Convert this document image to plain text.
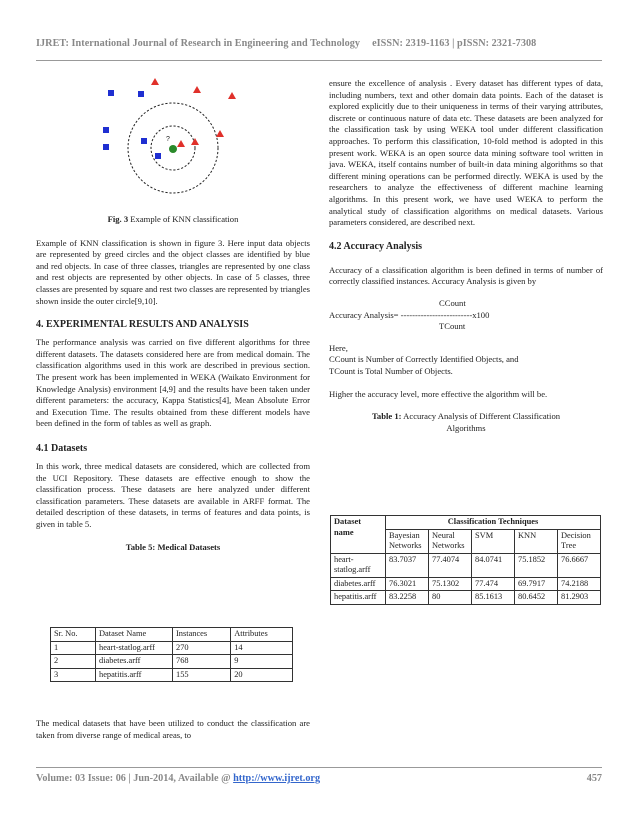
IJRET: International Journal of Research in Engineering and Technology eISSN: 2319-1163 | pISSN: 2321-7308
?
Fig. 3 Example of KNN classification

Example of KNN classification is shown in figure 3. Here input data objects are represented by greed circles and the object classes are identified by blue and red objects. In case of three classes, triangles are represented by one class and rest objects are represented by other objects. In case of 5 classes, three classes are presented by square and rest two classes are represented by triangles shown inside the outer circle[9,10].

4. EXPERIMENTAL RESULTS AND ANALYSIS

The performance analysis was carried on five different algorithms for three different datasets. The datasets considered here are from medical domain. The classification algorithms used in this work are described in previous section. The present work has been implemented in WEKA (Waikato Environment for Knowledge Analysis) environment [4,9] and the results have been taken under different parameters: the accuracy, Kappa Statistics[4], Mean Absolute Error and Execution Time. The results obtained from these different models have been defined in the form of tables as well as graph.

4.1 Datasets

In this work, three medical datasets are considered, which are collected from the UCI Repository. These datasets are effective enough to show the classification process. These datasets are here analyzed under different classification parameters. These datasets are available in ARFF format. The detailed description of these datasets, in terms of features and data points, is given in table 5.

Table 5: Medical Datasets

The medical datasets that have been utilized to conduct the classification are taken from diverse range of medical areas, to

Sr. No.	Dataset Name	Instances	Attributes
1	heart-statlog.arff	270	14
2	diabetes.arff	768	9
3	hepatitis.arff	155	20

ensure the excellence of analysis . Every dataset has different types of data, including numbers, text and other domain data points. Each of the dataset is explored explicitly due to their uniqueness in terms of their varying attributes, discrete or continuous nature of data etc. These datasets are been analyzed for the classification task by using WEKA tool under different classification approaches. To perform this classification, 10-fold method is adopted in this present work. WEKA is an open source data mining software tool written in java. WEKA, itself contains number of built-in data mining algorithms so that different mining operations can be performed directly. WEKA is used by the researchers to analyze the effectiveness of different machine learning algorithms. In this present work, we have used WEKA to perform the analytical study of classification algorithms on medical datasets. Various parameters considered, are described next.

4.2 Accuracy Analysis

Accuracy of a classification algorithm is been defined in terms of number of correctly classified instances. Accuracy Analysis is given by

CCount
Accuracy Analysis= -------------------------x100
TCount

Here,

CCount is Number of Correctly Identified Objects, and

TCount is Total Number of Objects.

Higher the accuracy level, more effective the algorithm will be.

Table 1: Accuracy Analysis of Different Classification Algorithms
Dataset name	Classification Techniques				
	Bayesian Networks	Neural Networks	SVM	KNN	Decision Tree
heart-statlog.arff	83.7037	77.4074	84.0741	75.1852	76.6667
diabetes.arff	76.3021	75.1302	77.474	69.7917	74.2188
hepatitis.arff	83.2258	80	85.1613	80.6452	81.2903
Volume: 03 Issue: 06 | Jun-2014, Available @ http://www.ijret.org	457
